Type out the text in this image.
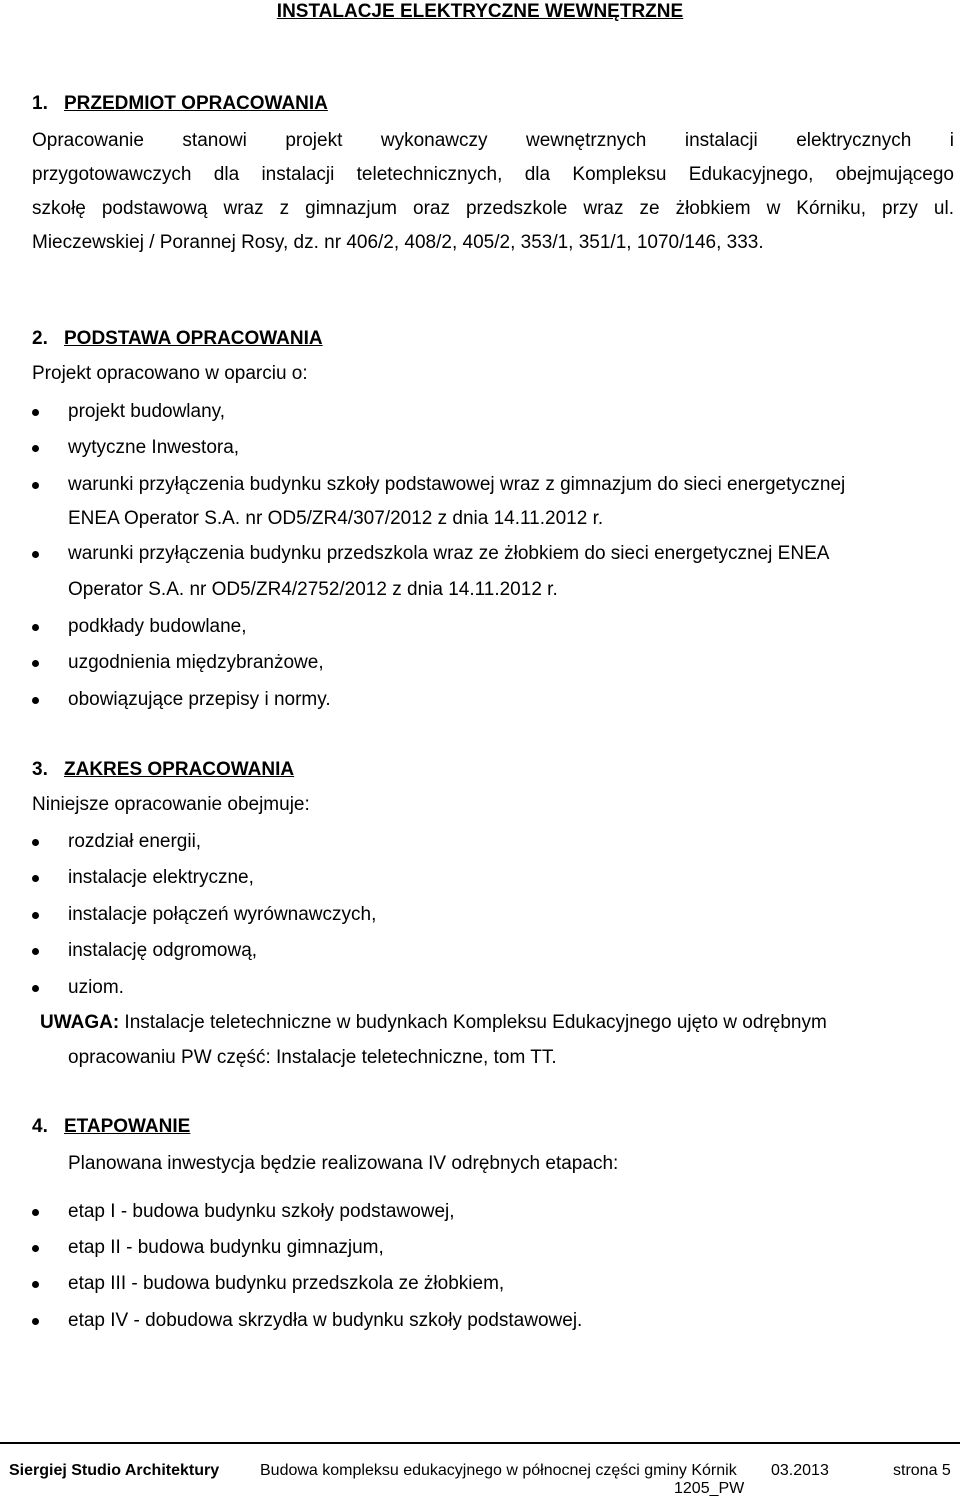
INSTALACJE ELEKTRYCZNE WEWNĘTRZNE
1. PRZEDMIOT OPRACOWANIA
Opracowanie stanowi projekt wykonawczy wewnętrznych instalacji elektrycznych i
przygotowawczych dla instalacji teletechnicznych, dla Kompleksu Edukacyjnego, obejmującego
szkołę podstawową wraz z gimnazjum oraz przedszkole wraz ze żłobkiem w Kórniku, przy ul.
Mieczewskiej / Porannej Rosy, dz. nr 406/2, 408/2, 405/2, 353/1, 351/1, 1070/146, 333.
2. PODSTAWA OPRACOWANIA
Projekt opracowano w oparciu o:
projekt budowlany,
wytyczne Inwestora,
warunki przyłączenia budynku szkoły podstawowej wraz z gimnazjum do sieci energetycznej
ENEA Operator S.A. nr OD5/ZR4/307/2012 z dnia 14.11.2012 r.
warunki przyłączenia budynku przedszkola wraz ze żłobkiem do sieci energetycznej ENEA
Operator S.A. nr OD5/ZR4/2752/2012 z dnia 14.11.2012 r.
podkłady budowlane,
uzgodnienia międzybranżowe,
obowiązujące przepisy i normy.
3. ZAKRES OPRACOWANIA
Niniejsze opracowanie obejmuje:
rozdział energii,
instalacje elektryczne,
instalacje połączeń wyrównawczych,
instalację odgromową,
uziom.
UWAGA: Instalacje teletechniczne w budynkach Kompleksu Edukacyjnego ujęto w odrębnym
opracowaniu PW część: Instalacje teletechniczne, tom TT.
4. ETAPOWANIE
Planowana inwestycja będzie realizowana IV odrębnych etapach:
etap I - budowa budynku szkoły podstawowej,
etap II - budowa budynku gimnazjum,
etap III - budowa budynku przedszkola ze żłobkiem,
etap IV - dobudowa skrzydła w budynku szkoły podstawowej.
Siergiej Studio Architektury	Budowa kompleksu edukacyjnego w północnej części gminy Kórnik
1205_PW
03.2013	strona 5
